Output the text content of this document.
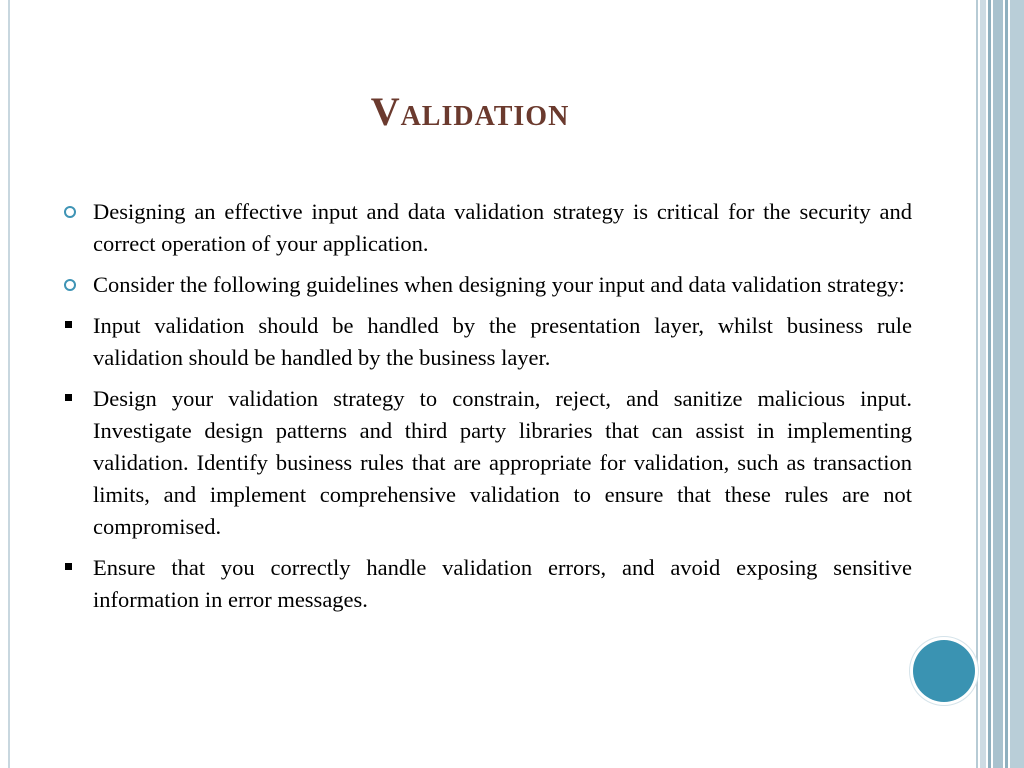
Validation
Designing an effective input and data validation strategy is critical for the security and correct operation of your application.
Consider the following guidelines when designing your input and data validation strategy:
Input validation should be handled by the presentation layer, whilst business rule validation should be handled by the business layer.
Design your validation strategy to constrain, reject, and sanitize malicious input. Investigate design patterns and third party libraries that can assist in implementing validation. Identify business rules that are appropriate for validation, such as transaction limits, and implement comprehensive validation to ensure that these rules are not compromised.
Ensure that you correctly handle validation errors, and avoid exposing sensitive information in error messages.
